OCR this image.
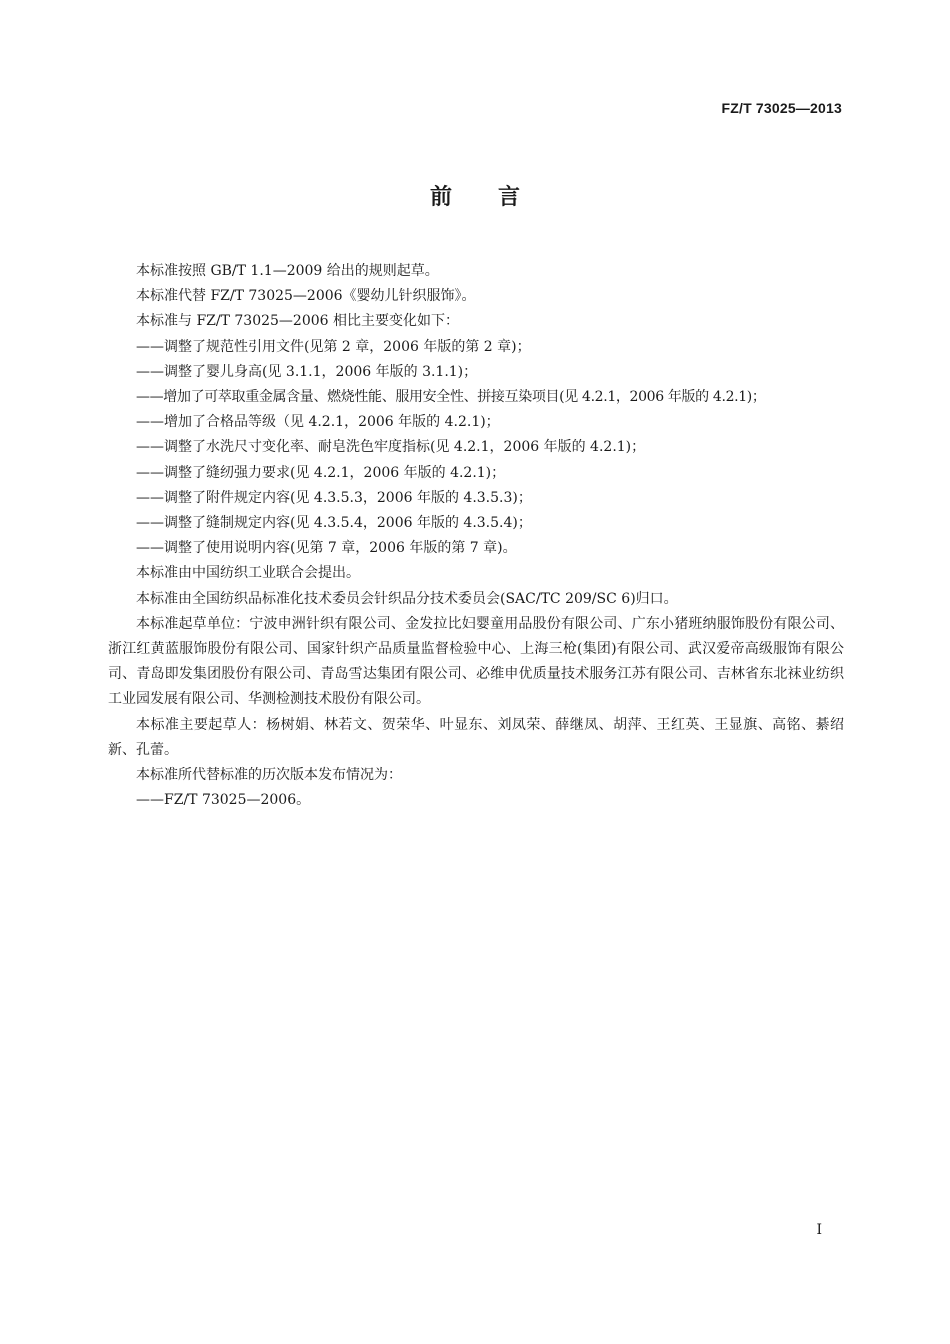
FZ/T 73025—2013
前言

本标准按照 GB/T 1.1—2009 给出的规则起草。

本标准代替 FZ/T 73025—2006《婴幼儿针织服饰》。

本标准与 FZ/T 73025—2006 相比主要变化如下：

——调整了规范性引用文件(见第 2 章，2006 年版的第 2 章)；

——调整了婴儿身高(见 3.1.1，2006 年版的 3.1.1)；

——增加了可萃取重金属含量、燃烧性能、服用安全性、拼接互染项目(见 4.2.1，2006 年版的 4.2.1)；

——增加了合格品等级（见 4.2.1，2006 年版的 4.2.1)；

——调整了水洗尺寸变化率、耐皂洗色牢度指标(见 4.2.1，2006 年版的 4.2.1)；

——调整了缝纫强力要求(见 4.2.1，2006 年版的 4.2.1)；

——调整了附件规定内容(见 4.3.5.3，2006 年版的 4.3.5.3)；

——调整了缝制规定内容(见 4.3.5.4，2006 年版的 4.3.5.4)；

——调整了使用说明内容(见第 7 章，2006 年版的第 7 章)。

本标准由中国纺织工业联合会提出。

本标准由全国纺织品标准化技术委员会针织品分技术委员会(SAC/TC 209/SC 6)归口。

本标准起草单位：宁波申洲针织有限公司、金发拉比妇婴童用品股份有限公司、广东小猪班纳服饰股份有限公司、浙江红黄蓝服饰股份有限公司、国家针织产品质量监督检验中心、上海三枪(集团)有限公司、武汉爱帝高级服饰有限公司、青岛即发集团股份有限公司、青岛雪达集团有限公司、必维申优质量技术服务江苏有限公司、吉林省东北袜业纺织工业园发展有限公司、华测检测技术股份有限公司。

本标准主要起草人：杨树娟、林若文、贺荣华、叶显东、刘凤荣、薛继凤、胡萍、王红英、王显旗、高铭、綦绍新、孔蕾。

本标准所代替标准的历次版本发布情况为：

——FZ/T 73025—2006。

I
